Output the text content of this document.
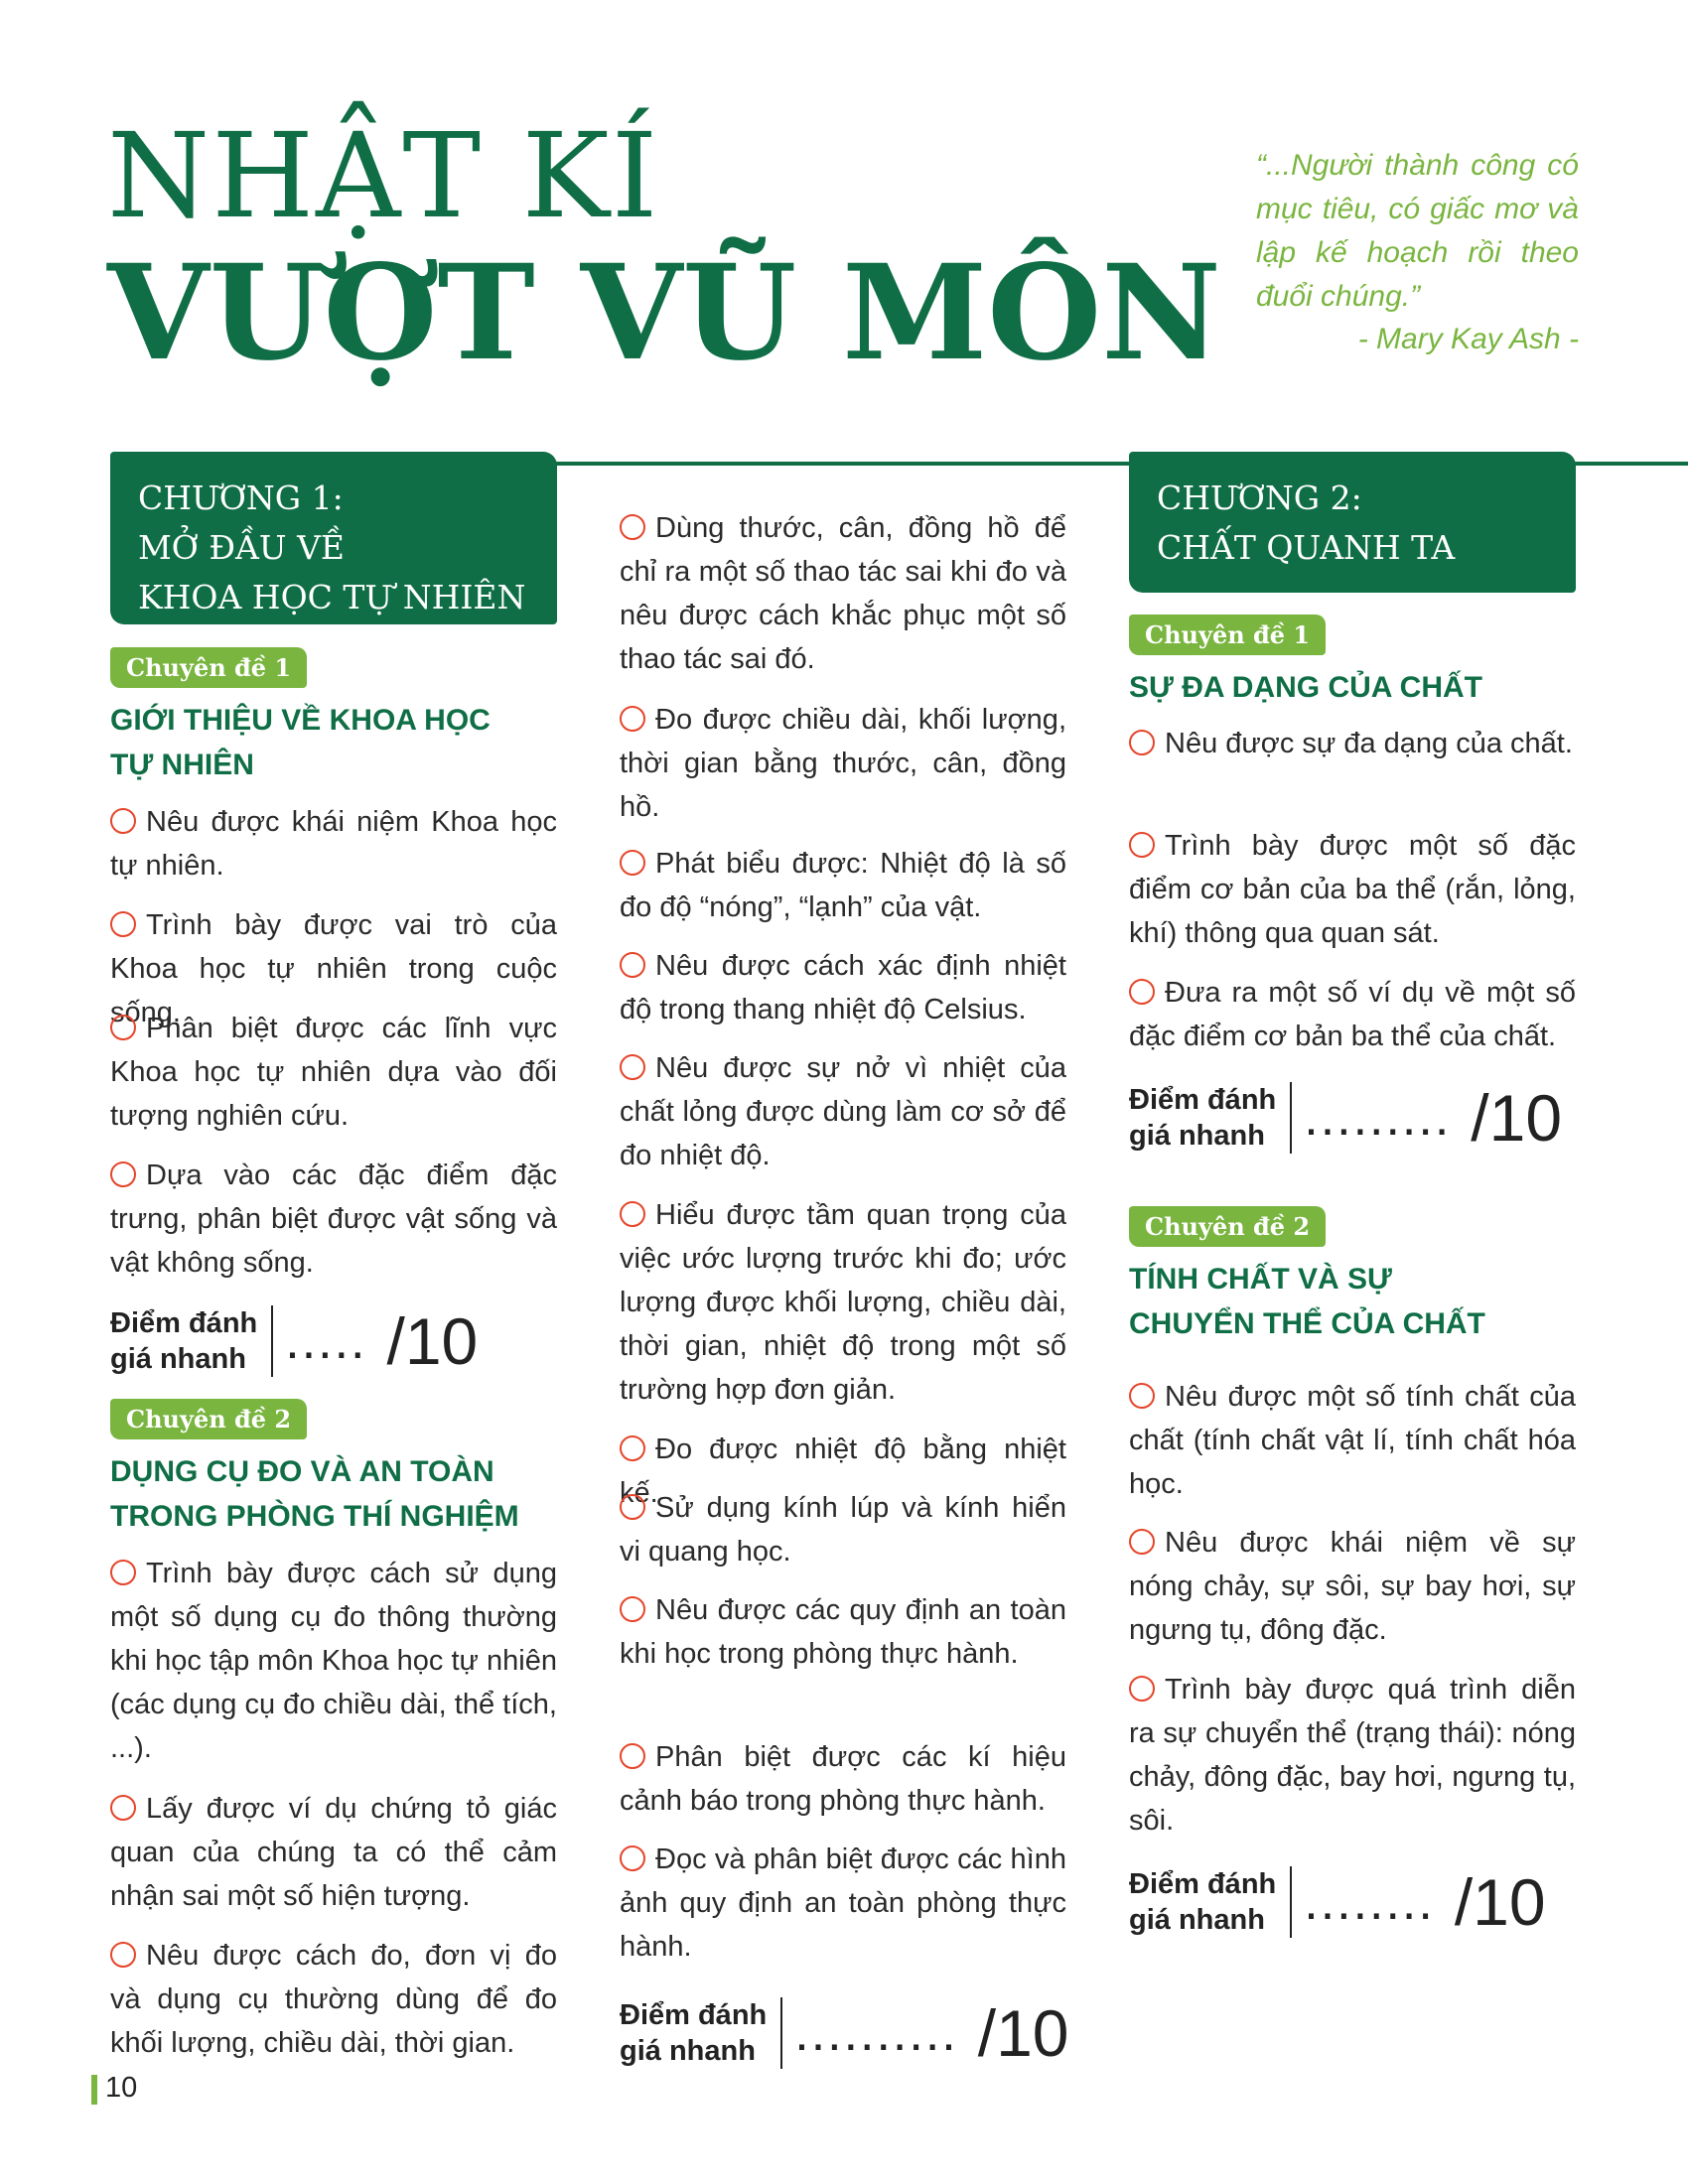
NHẬT KÍ
VƯỢT VŨ MÔN
“...Người thành công có mục tiêu, có giấc mơ và lập kế hoạch rồi theo đuổi chúng.”
- Mary Kay Ash -
CHƯƠNG 1:
MỞ ĐẦU VỀ
KHOA HỌC TỰ NHIÊN
Chuyên đề 1
GIỚI THIỆU VỀ KHOA HỌC
TỰ NHIÊN
Nêu được khái niệm Khoa học tự nhiên.
Trình bày được vai trò của Khoa học tự nhiên trong cuộc sống.
Phân biệt được các lĩnh vực Khoa học tự nhiên dựa vào đối tượng nghiên cứu.
Dựa vào các đặc điểm đặc trưng, phân biệt được vật sống và vật không sống.
Điểm đánh
giá nhanh ..... /10
Chuyên đề 2
DỤNG CỤ ĐO VÀ AN TOÀN
TRONG PHÒNG THÍ NGHIỆM
Trình bày được cách sử dụng một số dụng cụ đo thông thường khi học tập môn Khoa học tự nhiên (các dụng cụ đo chiều dài, thể tích, ...).
Lấy được ví dụ chứng tỏ giác quan của chúng ta có thể cảm nhận sai một số hiện tượng.
Nêu được cách đo, đơn vị đo và dụng cụ thường dùng để đo khối lượng, chiều dài, thời gian.
10
Dùng thước, cân, đồng hồ để chỉ ra một số thao tác sai khi đo và nêu được cách khắc phục một số thao tác sai đó.
Đo được chiều dài, khối lượng, thời gian bằng thước, cân, đồng hồ.
Phát biểu được: Nhiệt độ là số đo độ “nóng”, “lạnh” của vật.
Nêu được cách xác định nhiệt độ trong thang nhiệt độ Celsius.
Nêu được sự nở vì nhiệt của chất lỏng được dùng làm cơ sở để đo nhiệt độ.
Hiểu được tầm quan trọng của việc ước lượng trước khi đo; ước lượng được khối lượng, chiều dài, thời gian, nhiệt độ trong một số trường hợp đơn giản.
Đo được nhiệt độ bằng nhiệt kế.
Sử dụng kính lúp và kính hiển vi quang học.
Nêu được các quy định an toàn khi học trong phòng thực hành.
Phân biệt được các kí hiệu cảnh báo trong phòng thực hành.
Đọc và phân biệt được các hình ảnh quy định an toàn phòng thực hành.
Điểm đánh
giá nhanh .......... /10
CHƯƠNG 2:
CHẤT QUANH TA
Chuyên đề 1
SỰ ĐA DẠNG CỦA CHẤT
Nêu được sự đa dạng của chất.
Trình bày được một số đặc điểm cơ bản của ba thể (rắn, lỏng, khí) thông qua quan sát.
Đưa ra một số ví dụ về một số đặc điểm cơ bản ba thể của chất.
Điểm đánh
giá nhanh ......... /10
Chuyên đề 2
TÍNH CHẤT VÀ SỰ
CHUYỂN THỂ CỦA CHẤT
Nêu được một số tính chất của chất (tính chất vật lí, tính chất hóa học.
Nêu được khái niệm về sự nóng chảy, sự sôi, sự bay hơi, sự ngưng tụ, đông đặc.
Trình bày được quá trình diễn ra sự chuyển thể (trạng thái): nóng chảy, đông đặc, bay hơi, ngưng tụ, sôi.
Điểm đánh
giá nhanh ........ /10
